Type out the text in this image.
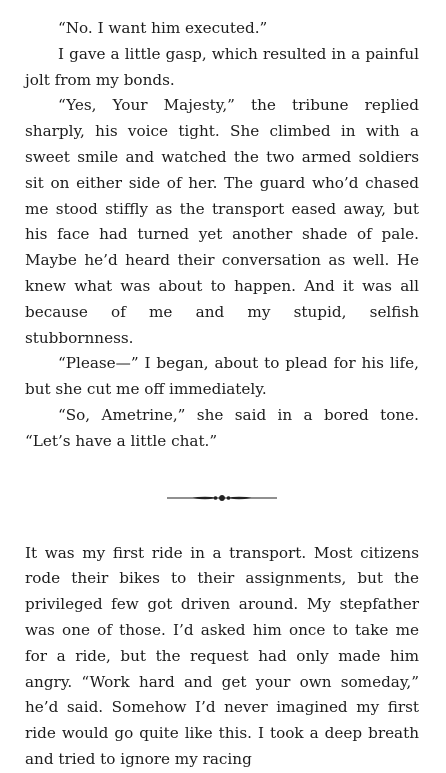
“No. I want him executed.”

I gave a little gasp, which resulted in a painful jolt from my bonds.

“Yes, Your Majesty,” the tribune replied sharply, his voice tight. She climbed in with a sweet smile and watched the two armed soldiers sit on either side of her. The guard who’d chased me stood stiffly as the transport eased away, but his face had turned yet another shade of pale. Maybe he’d heard their conversation as well. He knew what was about to happen. And it was all because of me and my stupid, selfish stubbornness.

“Please—” I began, about to plead for his life, but she cut me off immediately.

“So, Ametrine,” she said in a bored tone. “Let’s have a little chat.”

It was my first ride in a transport. Most citizens rode their bikes to their assignments, but the privileged few got driven around. My stepfather was one of those. I’d asked him once to take me for a ride, but the request had only made him angry. “Work hard and get your own someday,” he’d said. Somehow I’d never imagined my first ride would go quite like this. I took a deep breath and tried to ignore my racing
